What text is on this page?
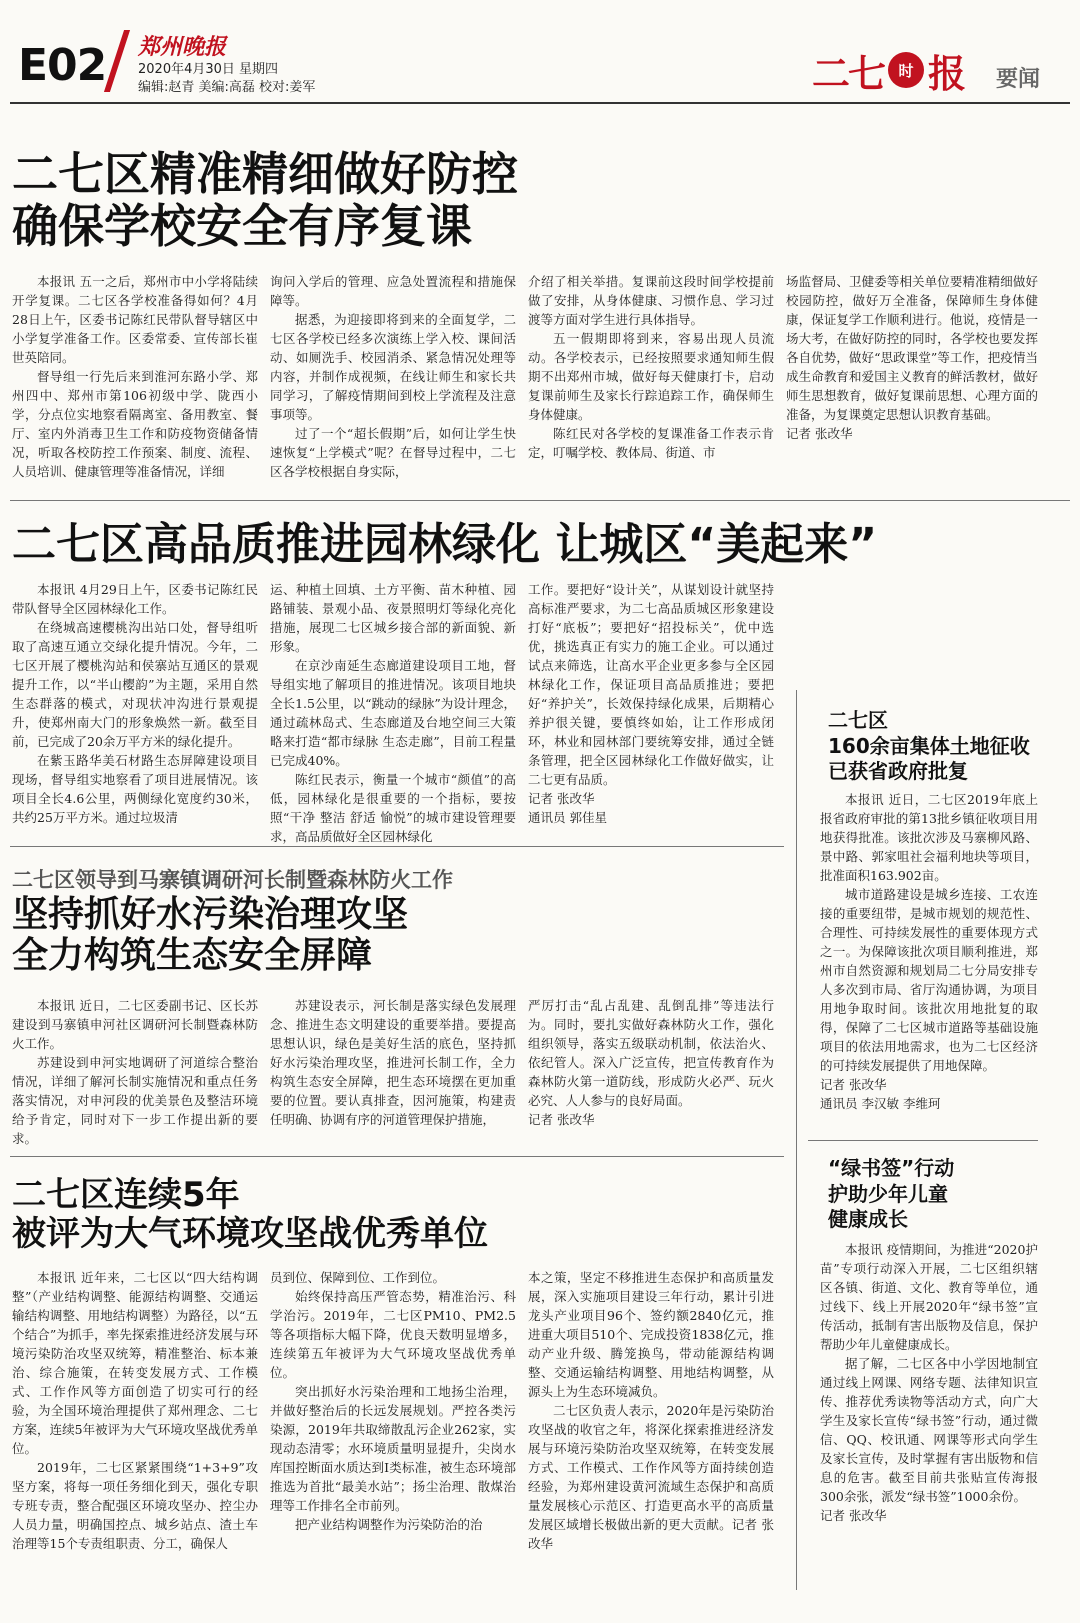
E02 郑州晚报
2020年4月30日 星期四
编辑:赵青 美编:高磊 校对:姜军	二七 时 报 要闻
二七区精准精细做好防控
确保学校安全有序复课

本报讯 五一之后，郑州市中小学将陆续开学复课。二七区各学校准备得如何？4月28日上午，区委书记陈红民带队督导辖区中小学复学准备工作。区委常委、宣传部长崔世英陪同。

督导组一行先后来到淮河东路小学、郑州四中、郑州市第106初级中学、陇西小学，分点位实地察看隔离室、备用教室、餐厅、室内外消毒卫生工作和防疫物资储备情况，听取各校防控工作预案、制度、流程、人员培训、健康管理等准备情况，详细

询问入学后的管理、应急处置流程和措施保障等。

据悉，为迎接即将到来的全面复学，二七区各学校已经多次演练上学入校、课间活动、如厕洗手、校园消杀、紧急情况处理等内容，并制作成视频，在线让师生和家长共同学习，了解疫情期间到校上学流程及注意事项等。

过了一个“超长假期”后，如何让学生快速恢复“上学模式”呢？在督导过程中，二七区各学校根据自身实际，

介绍了相关举措。复课前这段时间学校提前做了安排，从身体健康、习惯作息、学习过渡等方面对学生进行具体指导。

五一假期即将到来，容易出现人员流动。各学校表示，已经按照要求通知师生假期不出郑州市城，做好每天健康打卡，启动复课前师生及家长行踪追踪工作，确保师生身体健康。

陈红民对各学校的复课准备工作表示肯定，叮嘱学校、教体局、街道、市

场监督局、卫健委等相关单位要精准精细做好校园防控，做好万全准备，保障师生身体健康，保证复学工作顺利进行。他说，疫情是一场大考，在做好防控的同时，各学校也要发挥各自优势，做好“思政课堂”等工作，把疫情当成生命教育和爱国主义教育的鲜活教材，做好师生思想教育，做好复课前思想、心理方面的准备，为复课奠定思想认识教育基础。

记者 张改华

二七区高品质推进园林绿化 让城区“美起来”

本报讯 4月29日上午，区委书记陈红民带队督导全区园林绿化工作。

在绕城高速樱桃沟出站口处，督导组听取了高速互通立交绿化提升情况。今年，二七区开展了樱桃沟站和侯寨站互通区的景观提升工作，以“半山樱韵”为主题，采用自然生态群落的模式，对现状冲沟进行景观提升，使郑州南大门的形象焕然一新。截至目前，已完成了20余万平方米的绿化提升。

在紫玉路华美石材路生态屏障建设项目现场，督导组实地察看了项目进展情况。该项目全长4.6公里，两侧绿化宽度约30米，共约25万平方米。通过垃圾清

运、种植土回填、土方平衡、苗木种植、园路铺装、景观小品、夜景照明灯等绿化亮化措施，展现二七区城乡接合部的新面貌、新形象。

在京沙南延生态廊道建设项目工地，督导组实地了解项目的推进情况。该项目地块全长1.5公里，以“跳动的绿脉”为设计理念，通过疏林岛式、生态廊道及台地空间三大策略来打造“都市绿脉 生态走廊”，目前工程量已完成40%。

陈红民表示，衡量一个城市“颜值”的高低，园林绿化是很重要的一个指标，要按照“干净 整洁 舒适 愉悦”的城市建设管理要求，高品质做好全区园林绿化

工作。要把好“设计关”，从谋划设计就坚持高标准严要求，为二七高品质城区形象建设打好“底板”；要把好“招投标关”，优中选优，挑选真正有实力的施工企业。可以通过试点来筛选，让高水平企业更多参与全区园林绿化工作，保证项目高品质推进；要把好“养护关”，长效保持绿化成果，后期精心养护很关键，要慎终如始，让工作形成闭环，林业和园林部门要统筹安排，通过全链条管理，把全区园林绿化工作做好做实，让二七更有品质。

记者 张改华

通讯员 郭佳星

二七区
160余亩集体土地征收
已获省政府批复

本报讯 近日，二七区2019年底上报省政府审批的第13批乡镇征收项目用地获得批准。该批次涉及马寨柳风路、景中路、郭家咀社会福利地块等项目，批准面积163.902亩。

城市道路建设是城乡连接、工农连接的重要纽带，是城市规划的规范性、合理性、可持续发展性的重要体现方式之一。为保障该批次项目顺利推进，郑州市自然资源和规划局二七分局安排专人多次到市局、省厅沟通协调，为项目用地争取时间。该批次用地批复的取得，保障了二七区城市道路等基础设施项目的依法用地需求，也为二七区经济的可持续发展提供了用地保障。

记者 张改华

通讯员 李汉敏 李维珂

二七区领导到马寨镇调研河长制暨森林防火工作
坚持抓好水污染治理攻坚
全力构筑生态安全屏障

本报讯 近日，二七区委副书记、区长苏建设到马寨镇申河社区调研河长制暨森林防火工作。

苏建设到申河实地调研了河道综合整治情况，详细了解河长制实施情况和重点任务落实情况，对申河段的优美景色及整洁环境给予肯定，同时对下一步工作提出新的要求。

苏建设表示，河长制是落实绿色发展理念、推进生态文明建设的重要举措。要提高思想认识，绿色是美好生活的底色，坚持抓好水污染治理攻坚，推进河长制工作，全力构筑生态安全屏障，把生态环境摆在更加重要的位置。要认真排查，因河施策，构建责任明确、协调有序的河道管理保护措施，

严厉打击“乱占乱建、乱倒乱排”等违法行为。同时，要扎实做好森林防火工作，强化组织领导，落实五级联动机制，依法治火、依纪管人。深入广泛宣传，把宣传教育作为森林防火第一道防线，形成防火必严、玩火必究、人人参与的良好局面。

记者 张改华

“绿书签”行动
护助少年儿童
健康成长

本报讯 疫情期间，为推进“2020护苗”专项行动深入开展，二七区组织辖区各镇、街道、文化、教育等单位，通过线下、线上开展2020年“绿书签”宣传活动，抵制有害出版物及信息，保护帮助少年儿童健康成长。

据了解，二七区各中小学因地制宜通过线上网课、网络专题、法律知识宣传、推荐优秀读物等活动方式，向广大学生及家长宣传“绿书签”行动，通过微信、QQ、校讯通、网课等形式向学生及家长宣传，及时掌握有害出版物和信息的危害。截至目前共张贴宣传海报300余张，派发“绿书签”1000余份。

记者 张改华

二七区连续5年
被评为大气环境攻坚战优秀单位

本报讯 近年来，二七区以“四大结构调整”（产业结构调整、能源结构调整、交通运输结构调整、用地结构调整）为路径，以“五个结合”为抓手，率先探索推进经济发展与环境污染防治攻坚双统筹，精准整治、标本兼治、综合施策，在转变发展方式、工作模式、工作作风等方面创造了切实可行的经验，为全国环境治理提供了郑州理念、二七方案，连续5年被评为大气环境攻坚战优秀单位。

2019年，二七区紧紧围绕“1+3+9”攻坚方案，将每一项任务细化到天，强化专职专班专责，整合配强区环境攻坚办、控尘办人员力量，明确国控点、城乡站点、渣土车治理等15个专责组职责、分工，确保人

员到位、保障到位、工作到位。

始终保持高压严管态势，精准治污、科学治污。2019年，二七区PM10、PM2.5等各项指标大幅下降，优良天数明显增多，连续第五年被评为大气环境攻坚战优秀单位。

突出抓好水污染治理和工地扬尘治理，并做好整治后的长远发展规划。严控各类污染源，2019年共取缔散乱污企业262家，实现动态清零；水环境质量明显提升，尖岗水库国控断面水质达到Ⅰ类标准，被生态环境部推选为首批“最美水站”；扬尘治理、散煤治理等工作排名全市前列。

把产业结构调整作为污染防治的治

本之策，坚定不移推进生态保护和高质量发展，深入实施项目建设三年行动，累计引进龙头产业项目96个、签约额2840亿元，推进重大项目510个、完成投资1838亿元，推动产业升级、腾笼换鸟，带动能源结构调整、交通运输结构调整、用地结构调整，从源头上为生态环境减负。

二七区负责人表示，2020年是污染防治攻坚战的收官之年，将深化探索推进经济发展与环境污染防治攻坚双统筹，在转变发展方式、工作模式、工作作风等方面持续创造经验，为郑州建设黄河流域生态保护和高质量发展核心示范区、打造更高水平的高质量发展区域增长极做出新的更大贡献。记者 张改华
